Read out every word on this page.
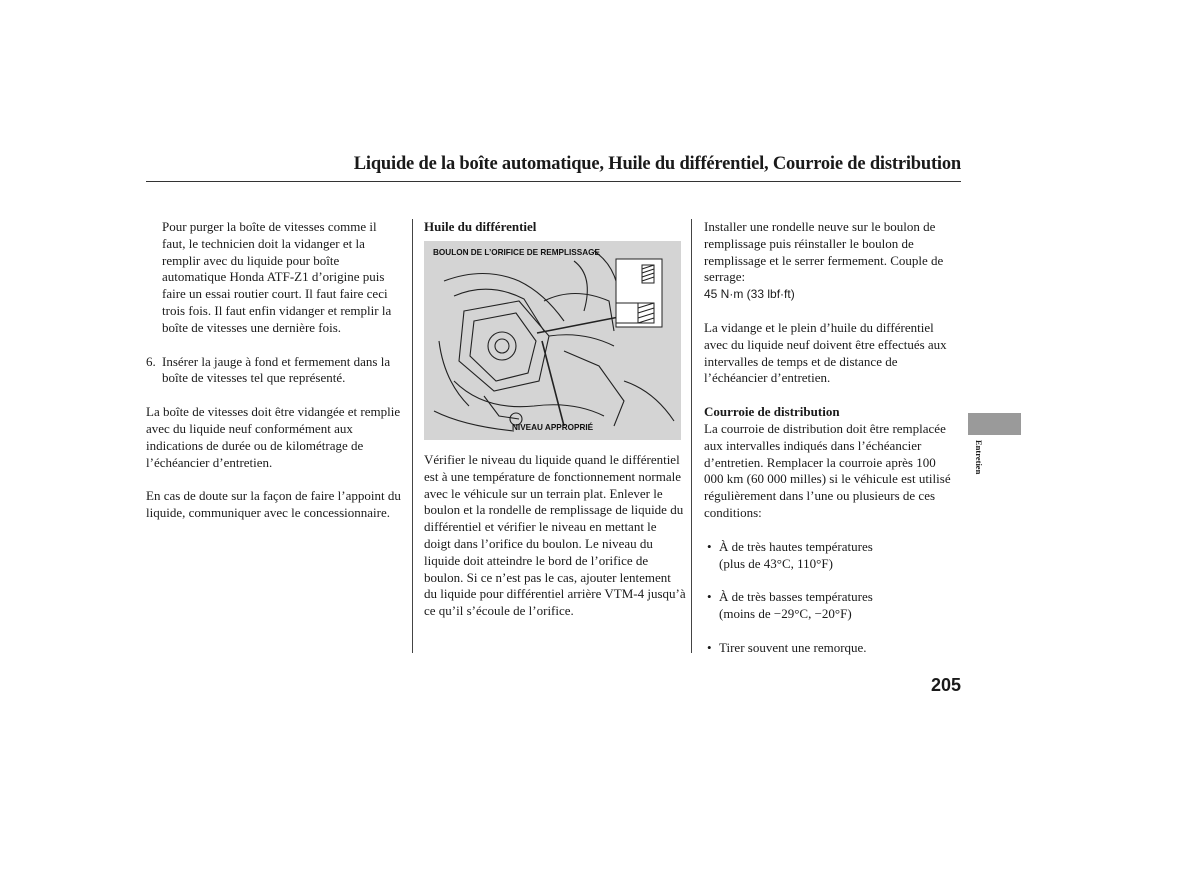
Liquide de la boîte automatique, Huile du différentiel, Courroie de distribution

Pour purger la boîte de vitesses comme il faut, le technicien doit la vidanger et la remplir avec du liquide pour boîte automatique Honda ATF-Z1 d’origine puis faire un essai routier court. Il faut faire ceci trois fois. Il faut enfin vidanger et remplir la boîte de vitesses une dernière fois.

6. Insérer la jauge à fond et fermement dans la boîte de vitesses tel que représenté.

La boîte de vitesses doit être vidangée et remplie avec du liquide neuf conformément aux indications de durée ou de kilométrage de l’échéancier d’entretien.

En cas de doute sur la façon de faire l’appoint du liquide, communiquer avec le concessionnaire.

Huile du différentiel

BOULON DE L’ORIFICE DE REMPLISSAGE
NIVEAU APPROPRIÉ

Vérifier le niveau du liquide quand le différentiel est à une température de fonctionnement normale avec le véhicule sur un terrain plat. Enlever le boulon et la rondelle de remplissage de liquide du différentiel et vérifier le niveau en mettant le doigt dans l’orifice du boulon. Le niveau du liquide doit atteindre le bord de l’orifice de boulon. Si ce n’est pas le cas, ajouter lentement du liquide pour différentiel arrière VTM-4 jusqu’à ce qu’il s’écoule de l’orifice.

Installer une rondelle neuve sur le boulon de remplissage puis réinstaller le boulon de remplissage et le serrer fermement. Couple de serrage:

45 N·m (33 lbf·ft)

La vidange et le plein d’huile du différentiel avec du liquide neuf doivent être effectués aux intervalles de temps et de distance de l’échéancier d’entretien.

Courroie de distribution

La courroie de distribution doit être remplacée aux intervalles indiqués dans l’échéancier d’entretien. Remplacer la courroie après 100 000 km (60 000 milles) si le véhicule est utilisé régulièrement dans l’une ou plusieurs de ces conditions:

• À de très hautes températures (plus de 43°C, 110°F)
• À de très basses températures (moins de −29°C, −20°F)
• Tirer souvent une remorque.
Entretien
205
